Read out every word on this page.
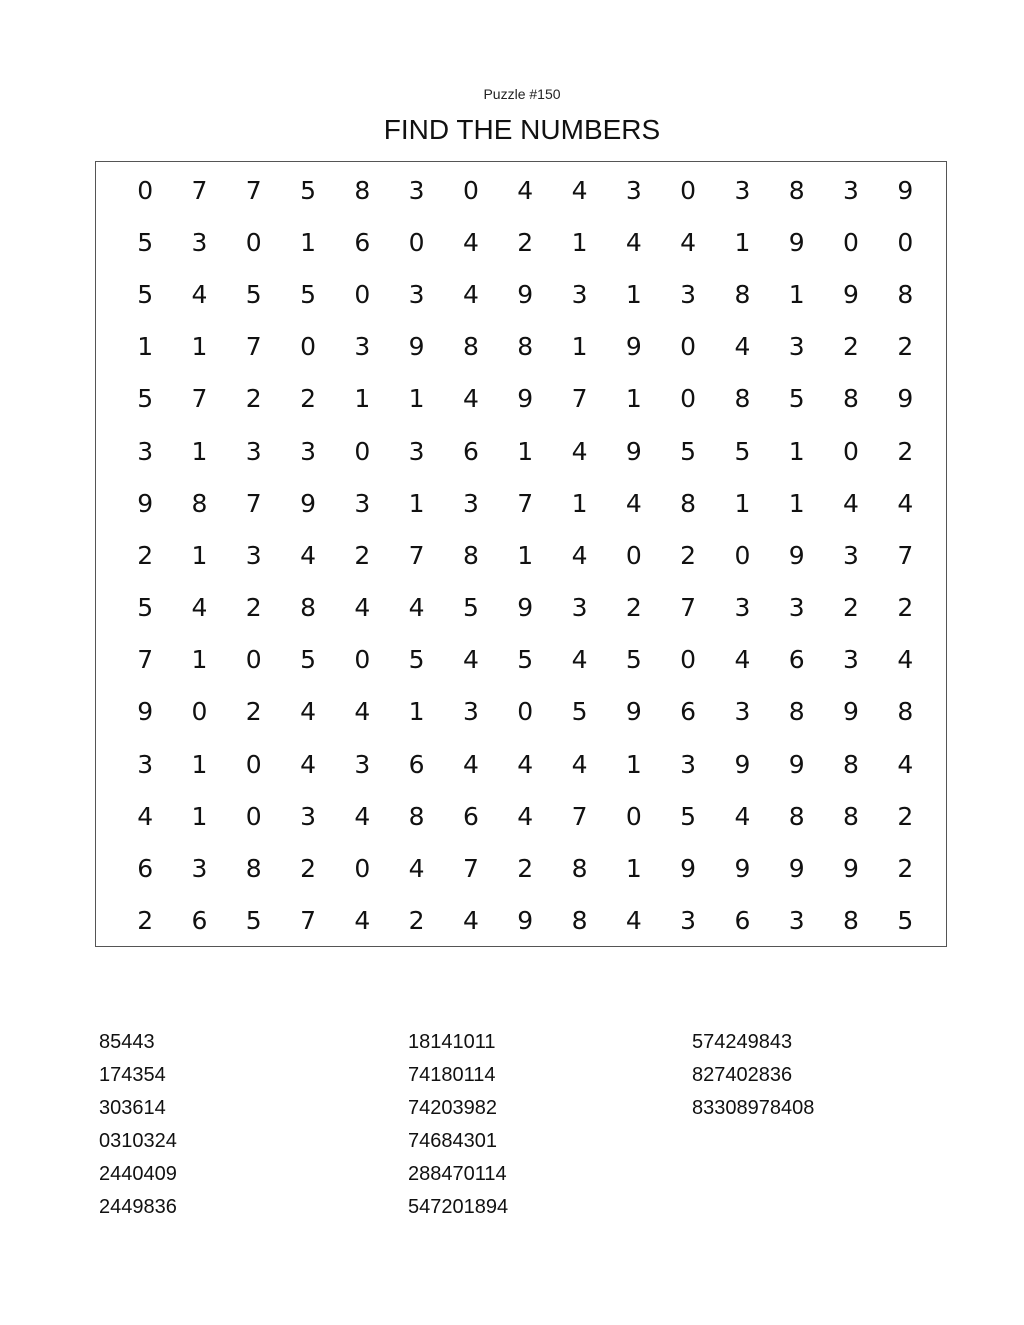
Puzzle #150
FIND THE NUMBERS
0	7	7	5	8	3	0	4	4	3	0	3	8	3	9
5	3	0	1	6	0	4	2	1	4	4	1	9	0	0
5	4	5	5	0	3	4	9	3	1	3	8	1	9	8
1	1	7	0	3	9	8	8	1	9	0	4	3	2	2
5	7	2	2	1	1	4	9	7	1	0	8	5	8	9
3	1	3	3	0	3	6	1	4	9	5	5	1	0	2
9	8	7	9	3	1	3	7	1	4	8	1	1	4	4
2	1	3	4	2	7	8	1	4	0	2	0	9	3	7
5	4	2	8	4	4	5	9	3	2	7	3	3	2	2
7	1	0	5	0	5	4	5	4	5	0	4	6	3	4
9	0	2	4	4	1	3	0	5	9	6	3	8	9	8
3	1	0	4	3	6	4	4	4	1	3	9	9	8	4
4	1	0	3	4	8	6	4	7	0	5	4	8	8	2
6	3	8	2	0	4	7	2	8	1	9	9	9	9	2
2	6	5	7	4	2	4	9	8	4	3	6	3	8	5
85443
174354
303614
0310324
2440409
2449836
18141011
74180114
74203982
74684301
288470114
547201894
574249843
827402836
83308978408
